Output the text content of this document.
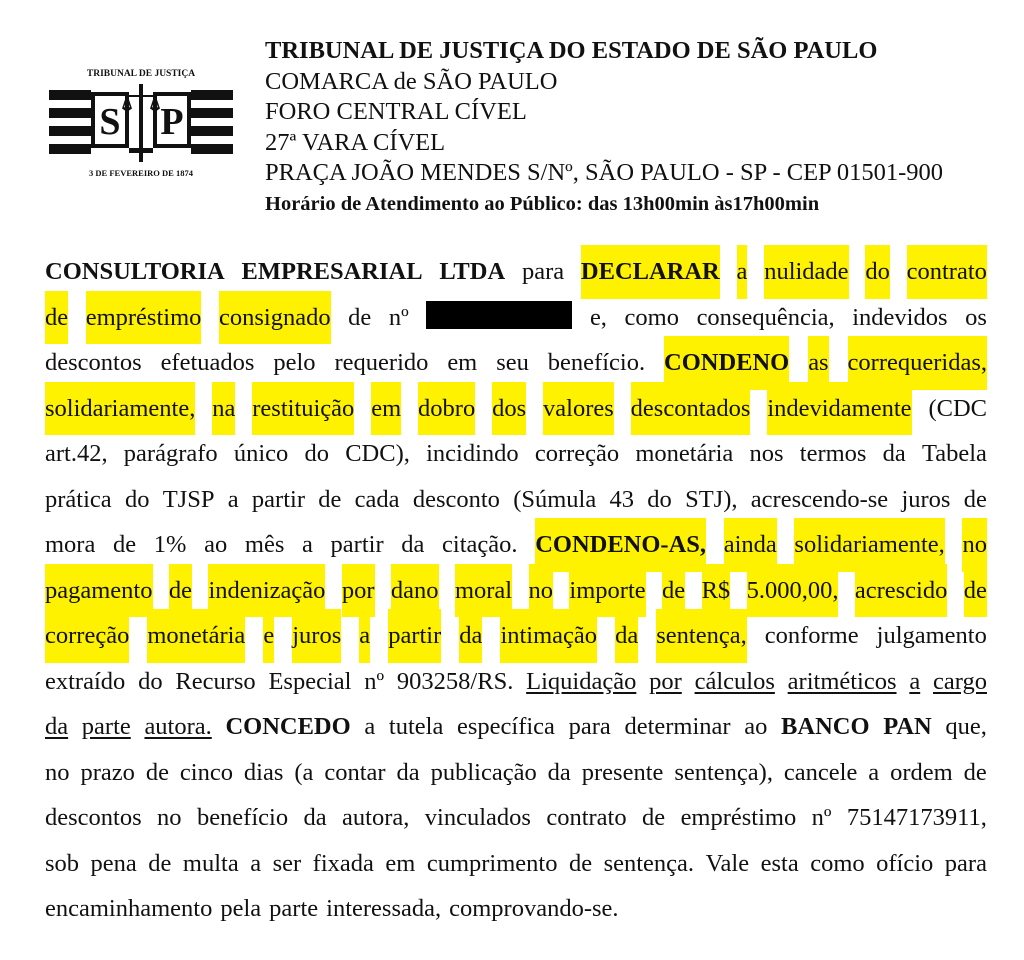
S P
TRIBUNAL DE JUSTIÇA
3 DE FEVEREIRO DE 1874
TRIBUNAL DE JUSTIÇA DO ESTADO DE SÃO PAULO
COMARCA de SÃO PAULO
FORO CENTRAL CÍVEL
27ª VARA CÍVEL
PRAÇA JOÃO MENDES S/Nº, SÃO PAULO - SP - CEP 01501-900
Horário de Atendimento ao Público: das 13h00min às17h00min
CONSULTORIA EMPRESARIAL LTDA para DECLARAR a nulidade do contrato
de empréstimo consignado de nº	e, como consequência, indevidos os
descontos efetuados pelo requerido em seu benefício. CONDENO as correqueridas,
solidariamente, na restituição em dobro dos valores descontados indevidamente (CDC
art.42, parágrafo único do CDC), incidindo correção monetária nos termos da Tabela
prática do TJSP a partir de cada desconto (Súmula 43 do STJ), acrescendo-se juros de
mora de 1% ao mês a partir da citação. CONDENO-AS, ainda solidariamente, no
pagamento de indenização por dano moral no importe de R$ 5.000,00, acrescido de
correção monetária e juros a partir da intimação da sentença, conforme julgamento
extraído do Recurso Especial nº 903258/RS. Liquidação por cálculos aritméticos a cargo
da parte autora. CONCEDO a tutela específica para determinar ao BANCO PAN que,
no prazo de cinco dias (a contar da publicação da presente sentença), cancele a ordem de
descontos no benefício da autora, vinculados contrato de empréstimo nº 75147173911,
sob pena de multa a ser fixada em cumprimento de sentença. Vale esta como ofício para
encaminhamento pela parte interessada, comprovando-se.
